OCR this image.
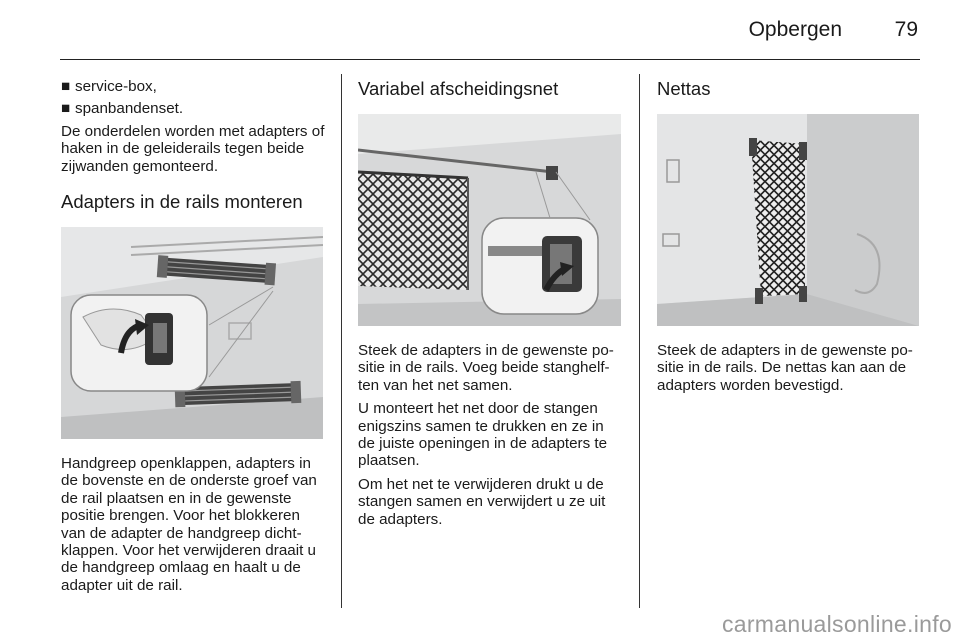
Opbergen	79
■ service-box,
■ spanbandenset.

De onderdelen worden met adapters of haken in de geleiderails tegen beide zijwanden gemonteerd.

Adapters in de rails monteren

Handgreep openklappen, adapters in de bovenste en de onderste groef van de rail plaatsen en in de gewenste positie brengen. Voor het blokkeren van de adapter de handgreep dichtklappen. Voor het verwijderen draait u de handgreep omlaag en haalt u de adapter uit de rail.

Variabel afscheidingsnet

Steek de adapters in de gewenste positie in de rails. Voeg beide stanghelften van het net samen.

U monteert het net door de stangen enigszins samen te drukken en ze in de juiste openingen in de adapters te plaatsen.

Om het net te verwijderen drukt u de stangen samen en verwijdert u ze uit de adapters.

Nettas

Steek de adapters in de gewenste positie in de rails. De nettas kan aan de adapters worden bevestigd.

carmanualsonline.info
